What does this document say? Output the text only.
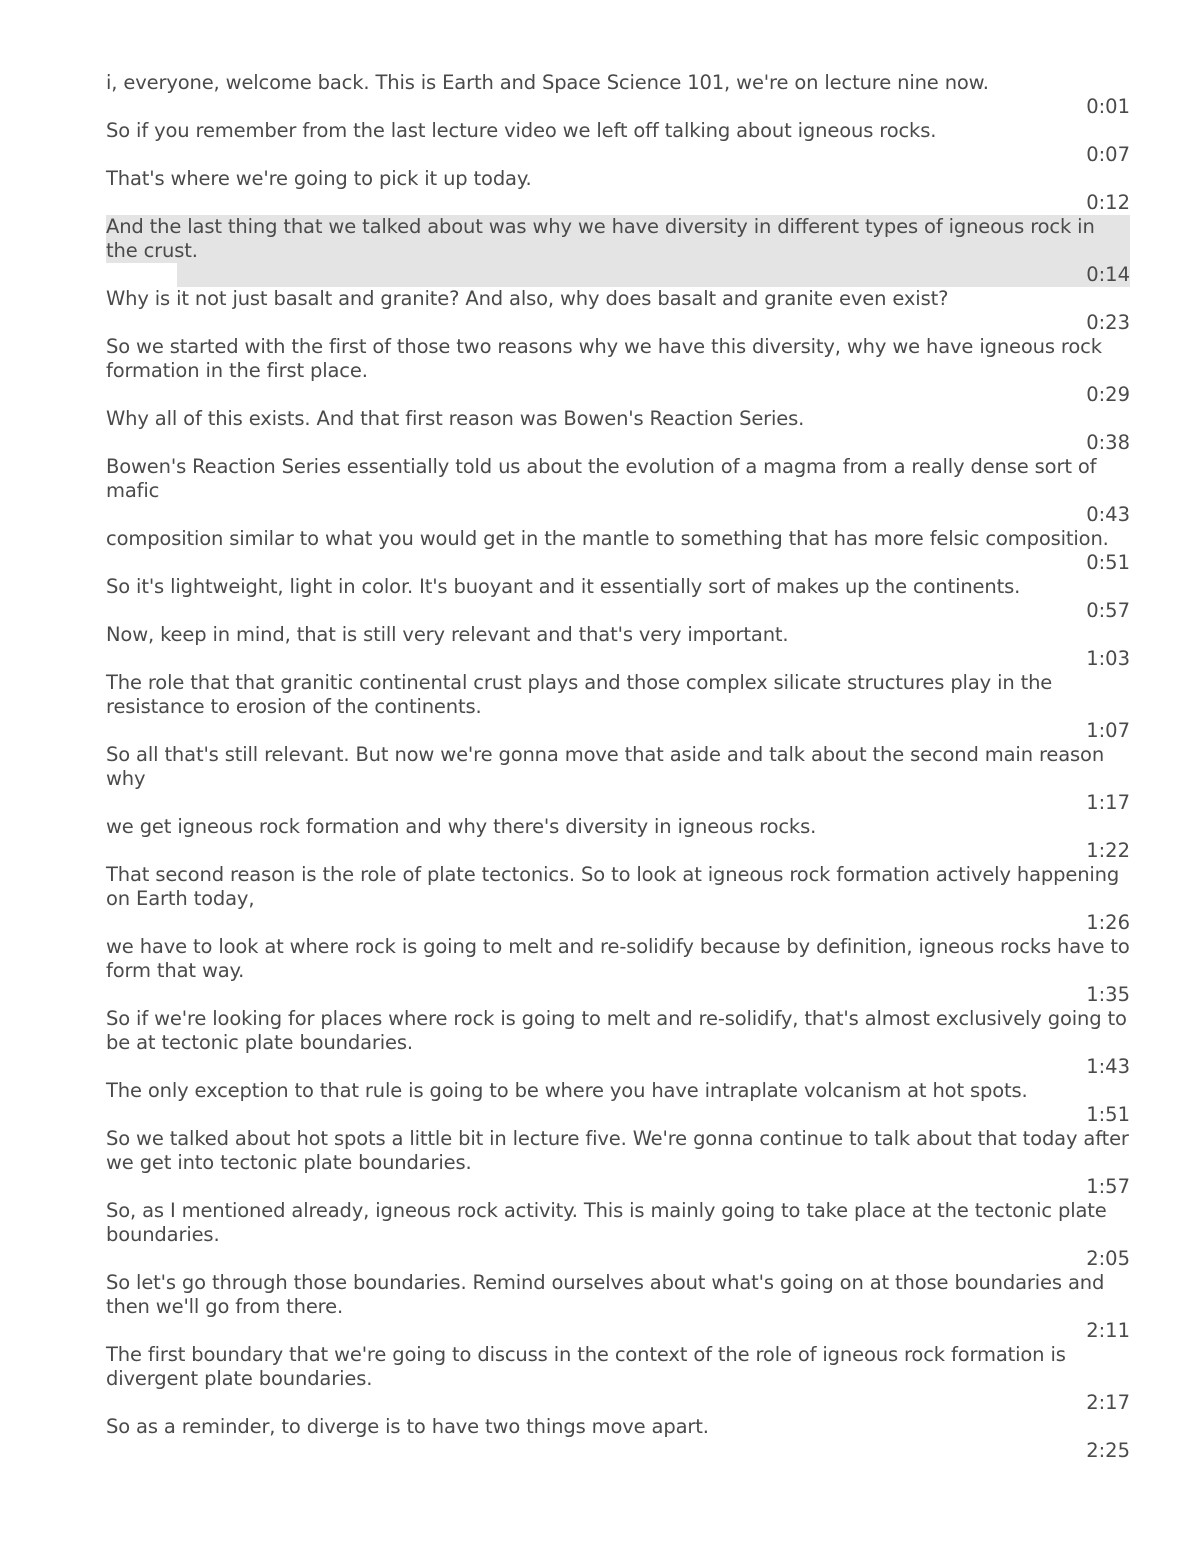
i, everyone, welcome back. This is Earth and Space Science 101, we're on lecture nine now.
0:01
So if you remember from the last lecture video we left off talking about igneous rocks.
0:07
That's where we're going to pick it up today.
0:12
And the last thing that we talked about was why we have diversity in different types of igneous rock in the crust.
0:14
Why is it not just basalt and granite? And also, why does basalt and granite even exist?
0:23
So we started with the first of those two reasons why we have this diversity, why we have igneous rock formation in the first place.
0:29
Why all of this exists. And that first reason was Bowen's Reaction Series.
0:38
Bowen's Reaction Series essentially told us about the evolution of a magma from a really dense sort of mafic
0:43
composition similar to what you would get in the mantle to something that has more felsic composition.
0:51
So it's lightweight, light in color. It's buoyant and it essentially sort of makes up the continents.
0:57
Now, keep in mind, that is still very relevant and that's very important.
1:03
The role that that granitic continental crust plays and those complex silicate structures play in the resistance to erosion of the continents.
1:07
So all that's still relevant. But now we're gonna move that aside and talk about the second main reason why
1:17
we get igneous rock formation and why there's diversity in igneous rocks.
1:22
That second reason is the role of plate tectonics. So to look at igneous rock formation actively happening on Earth today,
1:26
we have to look at where rock is going to melt and re-solidify because by definition, igneous rocks have to form that way.
1:35
So if we're looking for places where rock is going to melt and re-solidify, that's almost exclusively going to be at tectonic plate boundaries.
1:43
The only exception to that rule is going to be where you have intraplate volcanism at hot spots.
1:51
So we talked about hot spots a little bit in lecture five. We're gonna continue to talk about that today after we get into tectonic plate boundaries.
1:57
So, as I mentioned already, igneous rock activity. This is mainly going to take place at the tectonic plate boundaries.
2:05
So let's go through those boundaries. Remind ourselves about what's going on at those boundaries and then we'll go from there.
2:11
The first boundary that we're going to discuss in the context of the role of igneous rock formation is divergent plate boundaries.
2:17
So as a reminder, to diverge is to have two things move apart.
2:25
